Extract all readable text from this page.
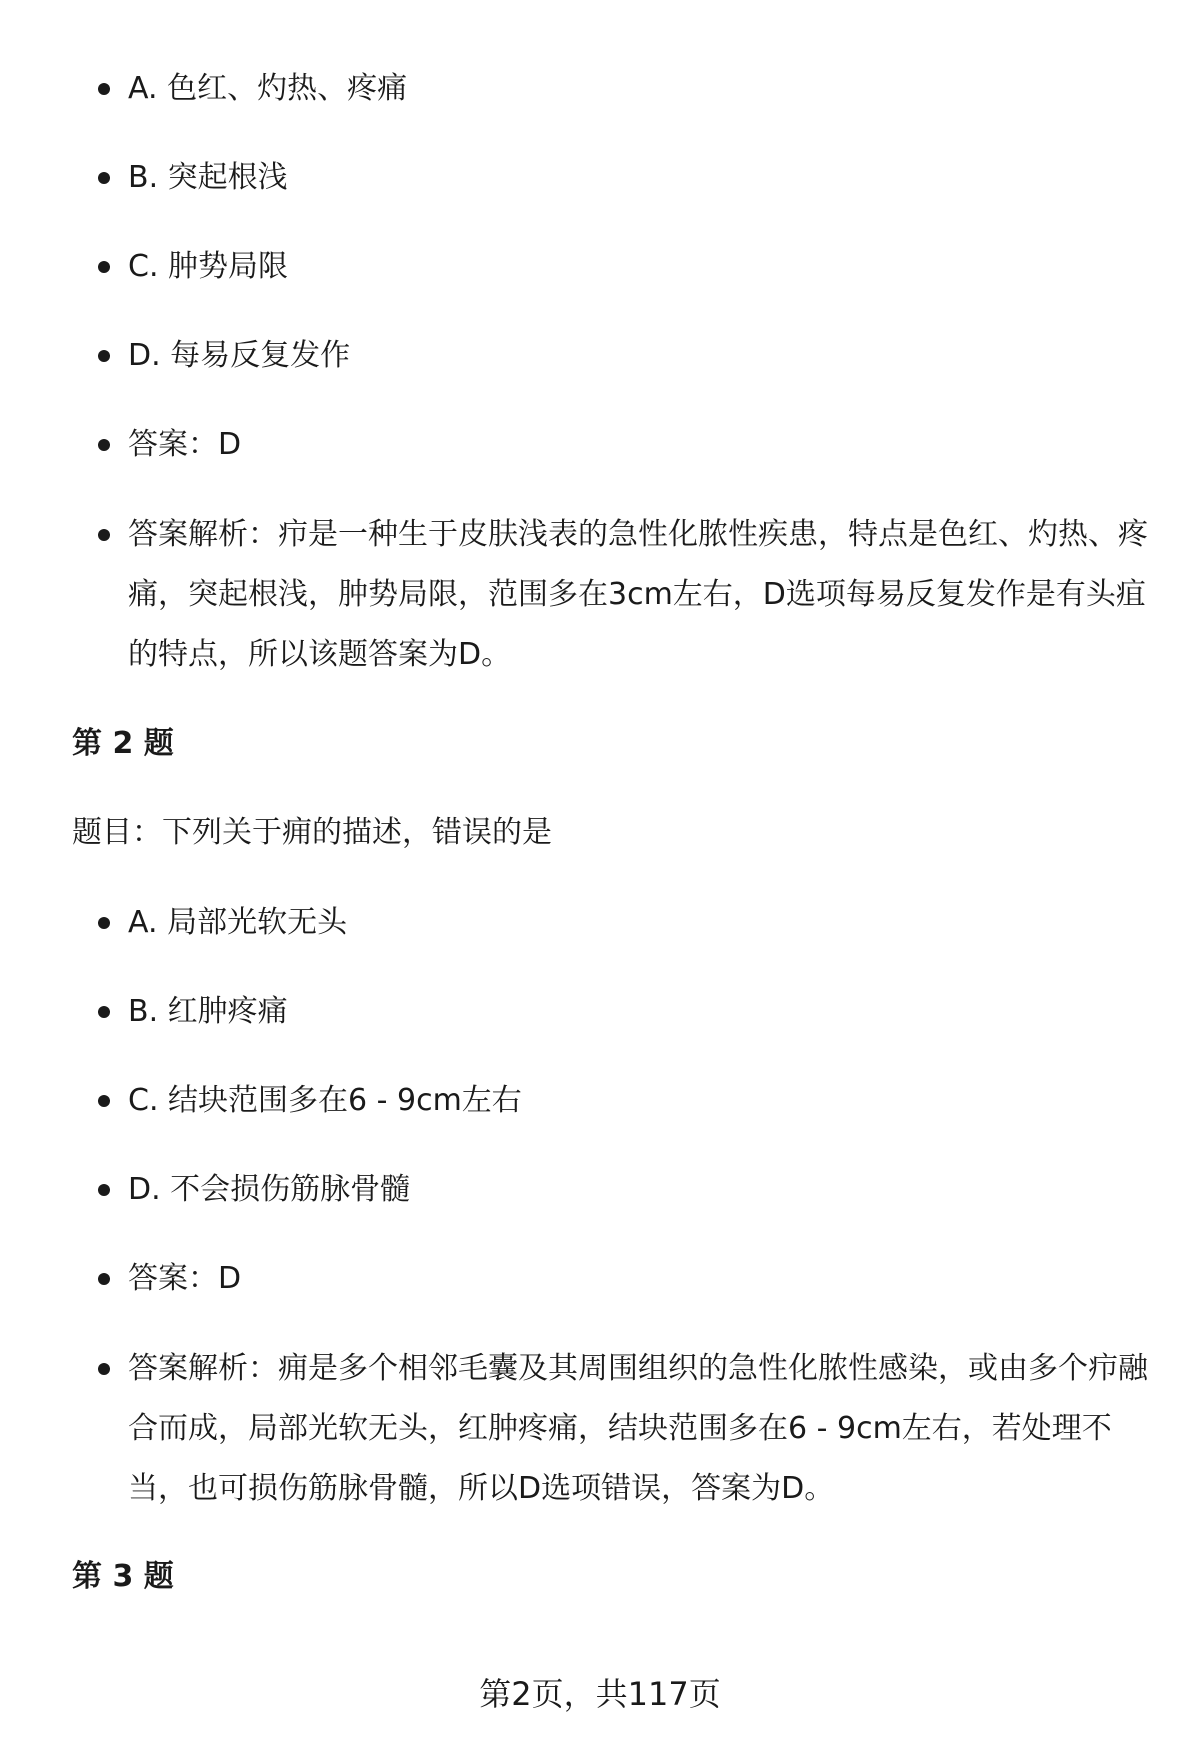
A. 色红、灼热、疼痛
B. 突起根浅
C. 肿势局限
D. 每易反复发作
答案：D
答案解析：疖是一种生于皮肤浅表的急性化脓性疾患，特点是色红、灼热、疼痛，突起根浅，肿势局限，范围多在3cm左右，D选项每易反复发作是有头疽的特点，所以该题答案为D。
第 2 题
题目：下列关于痈的描述，错误的是
A. 局部光软无头
B. 红肿疼痛
C. 结块范围多在6 - 9cm左右
D. 不会损伤筋脉骨髓
答案：D
答案解析：痈是多个相邻毛囊及其周围组织的急性化脓性感染，或由多个疖融合而成，局部光软无头，红肿疼痛，结块范围多在6 - 9cm左右，若处理不当，也可损伤筋脉骨髓，所以D选项错误，答案为D。
第 3 题
第2页，共117页
